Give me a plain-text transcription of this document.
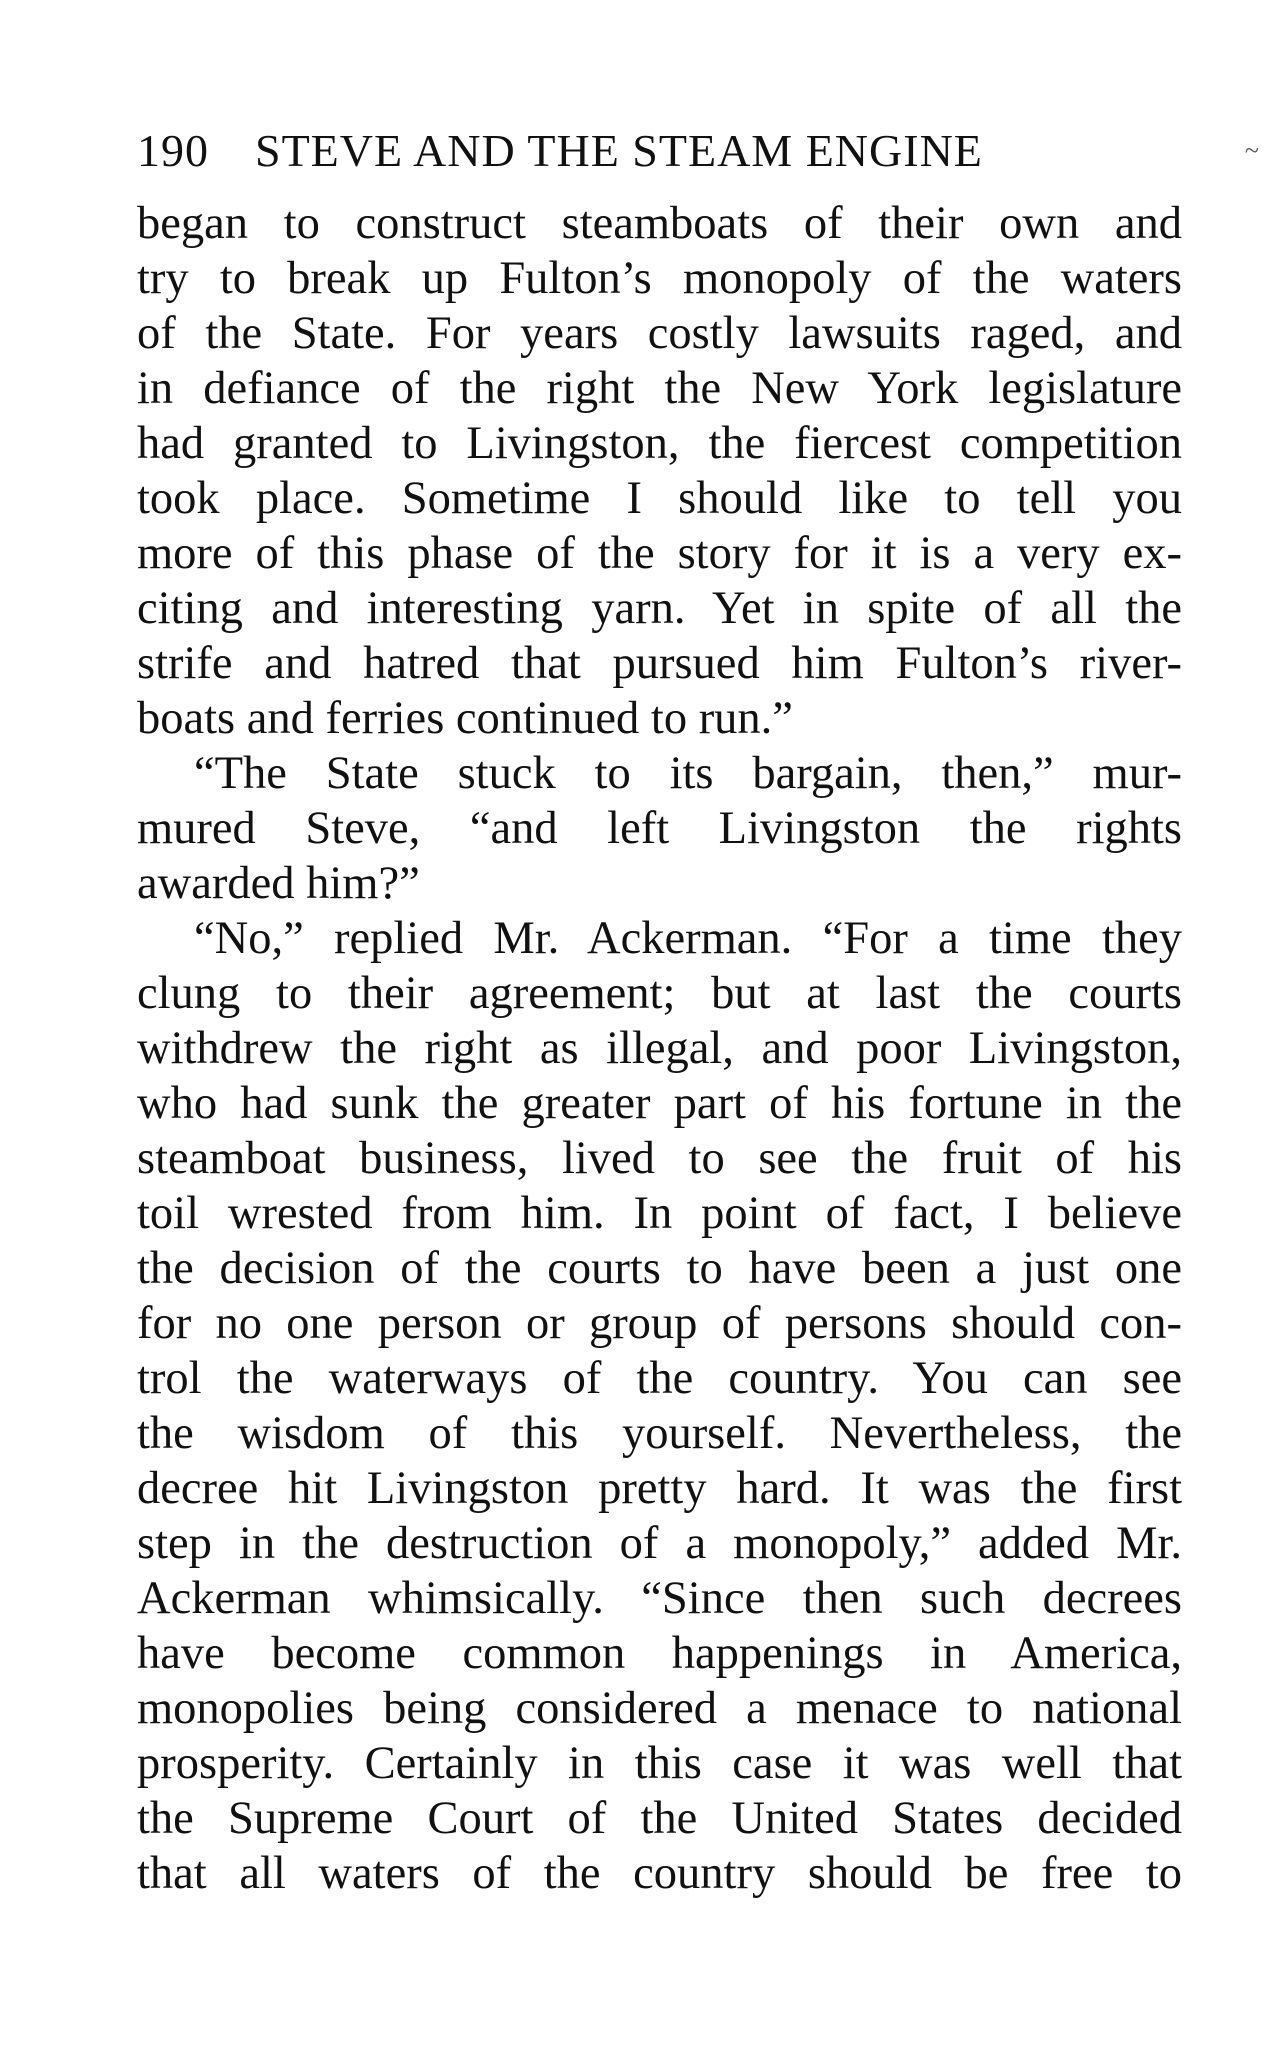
190 STEVE AND THE STEAM ENGINE	~
began to construct steamboats of their own and
try to break up Fulton’s monopoly of the waters
of the State. For years costly lawsuits raged, and
in defiance of the right the New York legislature
had granted to Livingston, the fiercest competition
took place. Sometime I should like to tell you
more of this phase of the story for it is a very ex-
citing and interesting yarn. Yet in spite of all the
strife and hatred that pursued him Fulton’s river-
boats and ferries continued to run.”
“The State stuck to its bargain, then,” mur-
mured Steve, “and left Livingston the rights
awarded him?”
“No,” replied Mr. Ackerman. “For a time they
clung to their agreement; but at last the courts
withdrew the right as illegal, and poor Livingston,
who had sunk the greater part of his fortune in the
steamboat business, lived to see the fruit of his
toil wrested from him. In point of fact, I believe
the decision of the courts to have been a just one
for no one person or group of persons should con-
trol the waterways of the country. You can see
the wisdom of this yourself. Nevertheless, the
decree hit Livingston pretty hard. It was the first
step in the destruction of a monopoly,” added Mr.
Ackerman whimsically. “Since then such decrees
have become common happenings in America,
monopolies being considered a menace to national
prosperity. Certainly in this case it was well that
the Supreme Court of the United States decided
that all waters of the country should be free to
